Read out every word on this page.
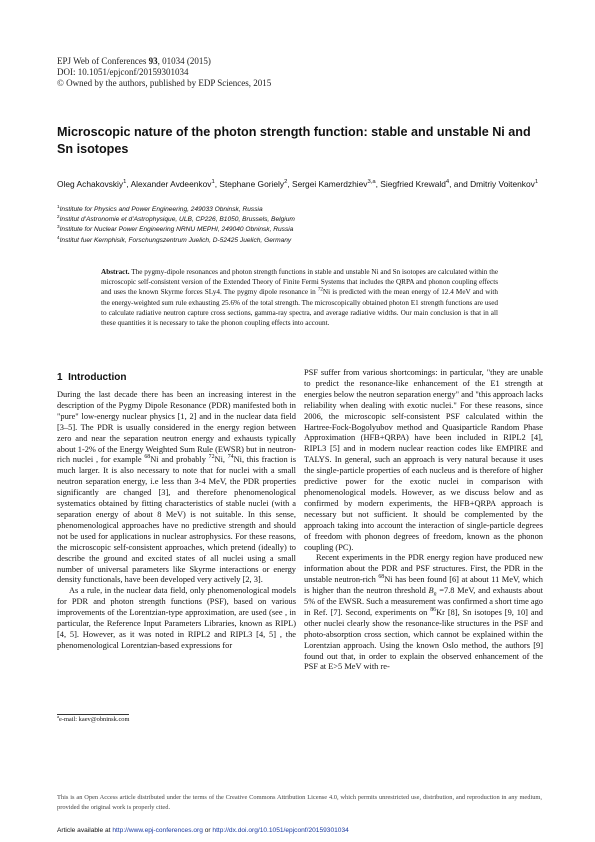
EPJ Web of Conferences 93, 01034 (2015)
DOI: 10.1051/epjconf/20159301034
© Owned by the authors, published by EDP Sciences, 2015
Microscopic nature of the photon strength function: stable and unstable Ni and Sn isotopes
Oleg Achakovskiy$^1$, Alexander Avdeenkov$^1$, Stephane Goriely$^2$, Sergei Kamerdzhiev$^{3,a}$, Siegfried Krewald$^4$, and Dmitriy Voitenkov$^1$
$^1$Institute for Physics and Power Engineering, 249033 Obninsk, Russia
$^2$Institut d’Astronomie et d’Astrophysique, ULB, CP226, B1050, Brussels, Belgium
$^3$Institute for Nuclear Power Engineering NRNU MEPHI, 249040 Obninsk, Russia
$^4$Institut fuer Kernphisik, Forschungszentrum Juelich, D-52425 Juelich, Germany
Abstract. The pygmy-dipole resonances and photon strength functions in stable and unstable Ni and Sn isotopes are calculated within the microscopic self-consistent version of the Extended Theory of Finite Fermi Systems that includes the QRPA and phonon coupling effects and uses the known Skyrme forces SLy4. The pygmy dipole resonance in $^{72}$Ni is predicted with the mean energy of 12.4 MeV and with the energy-weighted sum rule exhausting 25.6% of the total strength. The microscopically obtained photon E1 strength functions are used to calculate radiative neutron capture cross sections, gamma-ray spectra, and average radiative widths. Our main conclusion is that in all these quantities it is necessary to take the phonon coupling effects into account.
1 Introduction

During the last decade there has been an increasing interest in the description of the Pygmy Dipole Resonance (PDR) manifested both in "pure" low-energy nuclear physics [1, 2] and in the nuclear data field [3–5]. The PDR is usually considered in the energy region between zero and near the separation neutron energy and exhausts typically about 1-2% of the Energy Weighted Sum Rule (EWSR) but in neutron-rich nuclei , for example $^{68}$Ni and probably $^{72}$Ni, $^{74}$Ni, this fraction is much larger. It is also necessary to note that for nuclei with a small neutron separation energy, i.e less than 3-4 MeV, the PDR properties significantly are changed [3], and therefore phenomenological systematics obtained by fitting characteristics of stable nuclei (with a separation energy of about 8 MeV) is not suitable. In this sense, phenomenological approaches have no predictive strength and should not be used for applications in nuclear astrophysics. For these reasons, the microscopic self-consistent approaches, which pretend (ideally) to describe the ground and excited states of all nuclei using a small number of universal parameters like Skyrme interactions or energy density functionals, have been developed very actively [2, 3].

As a rule, in the nuclear data field, only phenomenological models for PDR and photon strength functions (PSF), based on various improvements of the Lorentzian-type approximation, are used (see , in particular, the Reference Input Parameters Libraries, known as RIPL) [4, 5]. However, as it was noted in RIPL2 and RIPL3 [4, 5] , the phenomenological Lorentzian-based expressions for

$^a$e-mail: kaev@obninsk.com

PSF suffer from various shortcomings: in particular, "they are unable to predict the resonance-like enhancement of the E1 strength at energies below the neutron separation energy" and "this approach lacks reliability when dealing with exotic nuclei." For these reasons, since 2006, the microscopic self-consistent PSF calculated within the Hartree-Fock-Bogolyubov method and Quasiparticle Random Phase Approximation (HFB+QRPA) have been included in RIPL2 [4], RIPL3 [5] and in modern nuclear reaction codes like EMPIRE and TALYS. In general, such an approach is very natural because it uses the single-particle properties of each nucleus and is therefore of higher predictive power for the exotic nuclei in comparison with phenomenological models. However, as we discuss below and as confirmed by modern experiments, the HFB+QRPA approach is necessary but not sufficient. It should be complemented by the approach taking into account the interaction of single-particle degrees of freedom with phonon degrees of freedom, known as the phonon coupling (PC).

Recent experiments in the PDR energy region have produced new information about the PDR and PSF structures. First, the PDR in the unstable neutron-rich $^{68}$Ni has been found [6] at about 11 MeV, which is higher than the neutron threshold $B_n =7.8$ MeV, and exhausts about 5% of the EWSR. Such a measurement was confirmed a short time ago in Ref. [7]. Second, experiments on $^{86}$Kr [8], Sn isotopes [9, 10] and other nuclei clearly show the resonance-like structures in the PSF and photo-absorption cross section, which cannot be explained within the Lorentzian approach. Using the known Oslo method, the authors [9] found out that, in order to explain the observed enhancement of the PSF at E>5 MeV with re-

This is an Open Access article distributed under the terms of the Creative Commons Attribution License 4.0, which permits unrestricted use, distribution, and reproduction in any medium, provided the original work is properly cited.
Article available at http://www.epj-conferences.org or http://dx.doi.org/10.1051/epjconf/20159301034
